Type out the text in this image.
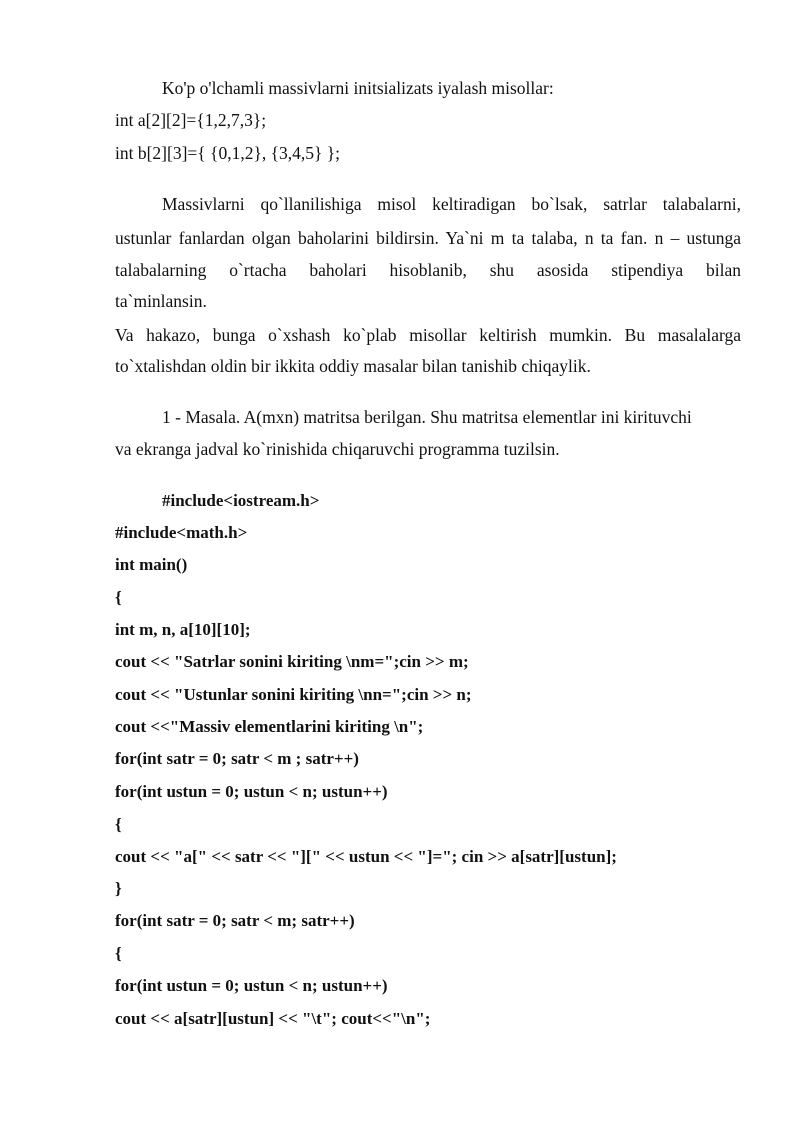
Ko'p o'lchamli massivlarni initsializats iyalash misollar:
int a[2][2]={1,2,7,3};
int b[2][3]={ {0,1,2}, {3,4,5} };
Massivlarni qo`llanilishiga misol keltiradigan bo`lsak, satrlar talabalarni,
ustunlar fanlardan olgan baholarini bildirsin. Ya`ni m ta talaba, n ta fan. n – ustunga
talabalarning o`rtacha baholari hisoblanib, shu asosida stipendiya bilan
ta`minlansin.
Va hakazo, bunga o`xshash ko`plab misollar keltirish mumkin. Bu masalalarga
to`xtalishdan oldin bir ikkita oddiy masalar bilan tanishib chiqaylik.
1 - Masala. A(mxn) matritsa berilgan. Shu matritsa elementlar ini kirituvchi
va ekranga jadval ko`rinishida chiqaruvchi programma tuzilsin.
#include<iostream.h>
#include<math.h>
int main()
{
int m, n, a[10][10];
cout << "Satrlar sonini kiriting \nm=";cin >> m;
cout << "Ustunlar sonini kiriting \nn=";cin >> n;
cout <<"Massiv elementlarini kiriting \n";
for(int satr = 0; satr < m ; satr++)
for(int ustun = 0; ustun < n; ustun++)
{
cout << "a[" << satr << "][" << ustun << "]="; cin >> a[satr][ustun];
}
for(int satr = 0; satr < m; satr++)
{
for(int ustun = 0; ustun < n; ustun++)
cout << a[satr][ustun] << "\t"; cout<<"\n";
